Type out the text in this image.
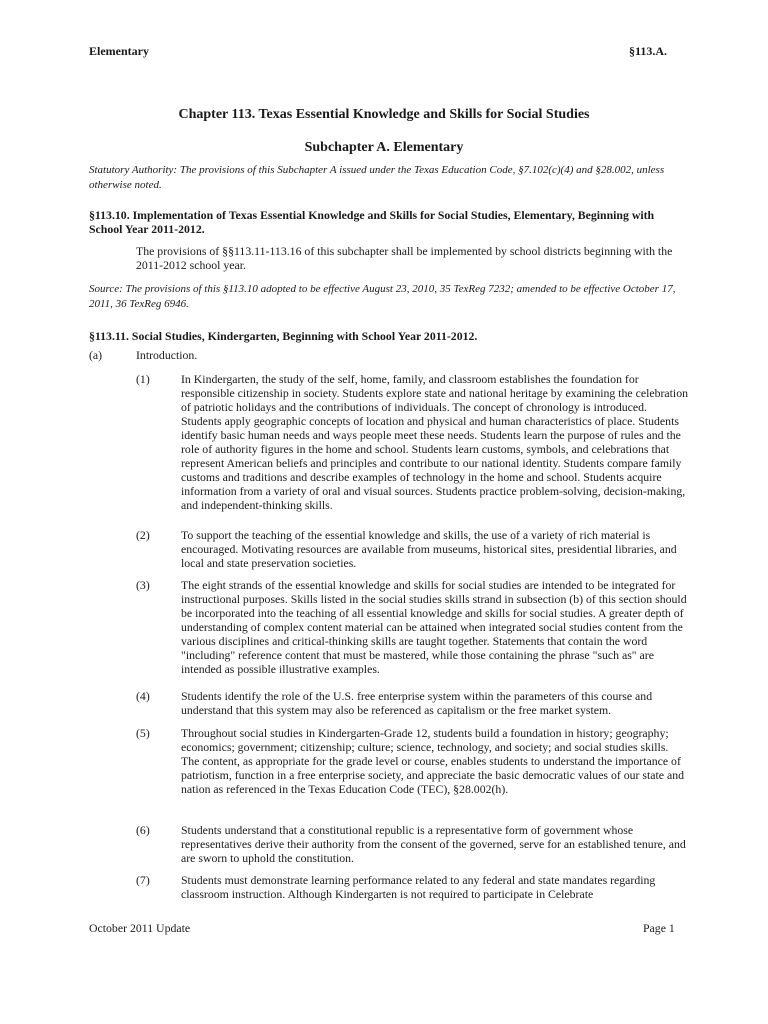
Elementary	§113.A.
Chapter 113. Texas Essential Knowledge and Skills for Social Studies
Subchapter A. Elementary
Statutory Authority: The provisions of this Subchapter A issued under the Texas Education Code, §7.102(c)(4) and §28.002, unless otherwise noted.
§113.10. Implementation of Texas Essential Knowledge and Skills for Social Studies, Elementary, Beginning with School Year 2011-2012.
The provisions of §§113.11-113.16 of this subchapter shall be implemented by school districts beginning with the 2011-2012 school year.
Source: The provisions of this §113.10 adopted to be effective August 23, 2010, 35 TexReg 7232; amended to be effective October 17, 2011, 36 TexReg 6946.
§113.11. Social Studies, Kindergarten, Beginning with School Year 2011-2012.
(a)	Introduction.
(1)	In Kindergarten, the study of the self, home, family, and classroom establishes the foundation for responsible citizenship in society. Students explore state and national heritage by examining the celebration of patriotic holidays and the contributions of individuals. The concept of chronology is introduced. Students apply geographic concepts of location and physical and human characteristics of place. Students identify basic human needs and ways people meet these needs. Students learn the purpose of rules and the role of authority figures in the home and school. Students learn customs, symbols, and celebrations that represent American beliefs and principles and contribute to our national identity. Students compare family customs and traditions and describe examples of technology in the home and school. Students acquire information from a variety of oral and visual sources. Students practice problem-solving, decision-making, and independent-thinking skills.
(2)	To support the teaching of the essential knowledge and skills, the use of a variety of rich material is encouraged. Motivating resources are available from museums, historical sites, presidential libraries, and local and state preservation societies.
(3)	The eight strands of the essential knowledge and skills for social studies are intended to be integrated for instructional purposes. Skills listed in the social studies skills strand in subsection (b) of this section should be incorporated into the teaching of all essential knowledge and skills for social studies. A greater depth of understanding of complex content material can be attained when integrated social studies content from the various disciplines and critical-thinking skills are taught together. Statements that contain the word "including" reference content that must be mastered, while those containing the phrase "such as" are intended as possible illustrative examples.
(4)	Students identify the role of the U.S. free enterprise system within the parameters of this course and understand that this system may also be referenced as capitalism or the free market system.
(5)	Throughout social studies in Kindergarten-Grade 12, students build a foundation in history; geography; economics; government; citizenship; culture; science, technology, and society; and social studies skills. The content, as appropriate for the grade level or course, enables students to understand the importance of patriotism, function in a free enterprise society, and appreciate the basic democratic values of our state and nation as referenced in the Texas Education Code (TEC), §28.002(h).
(6)	Students understand that a constitutional republic is a representative form of government whose representatives derive their authority from the consent of the governed, serve for an established tenure, and are sworn to uphold the constitution.
(7)	Students must demonstrate learning performance related to any federal and state mandates regarding classroom instruction. Although Kindergarten is not required to participate in Celebrate
October 2011 Update	Page 1
